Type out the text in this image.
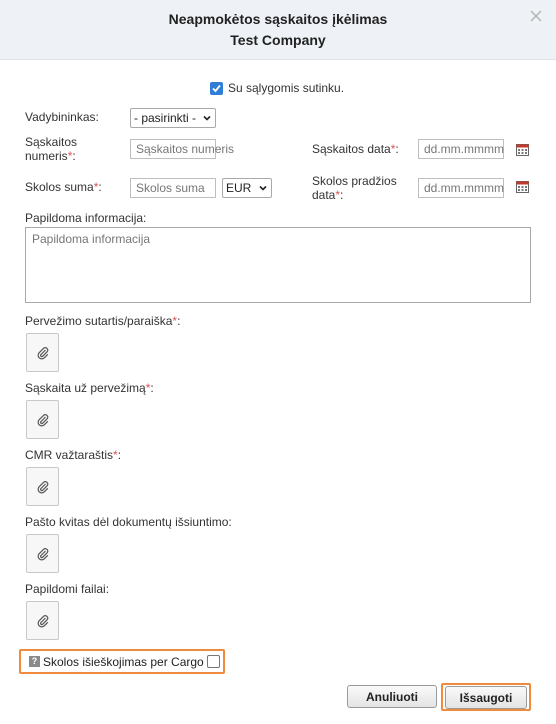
Neapmokėtos sąskaitos įkėlimas
Test Company
Su sąlygomis sutinku.
Vadybininkas:	- pasirinkti -
Sąskaitos
numeris*:	Sąskaitos numeris	Sąskaitos data*:	dd.mm.mmmm
Skolos suma*:	Skolos suma	EUR	Skolos pradžios
data*:	dd.mm.mmmm
Papildoma informacija:
Papildoma informacija
Pervežimo sutartis/paraiška*:
Sąskaita už pervežimą*:
CMR važtaraštis*:
Pašto kvitas dėl dokumentų išsiuntimo:
Papildomi failai:
? Skolos išieškojimas per Cargo
Anuliuoti	Išsaugoti
